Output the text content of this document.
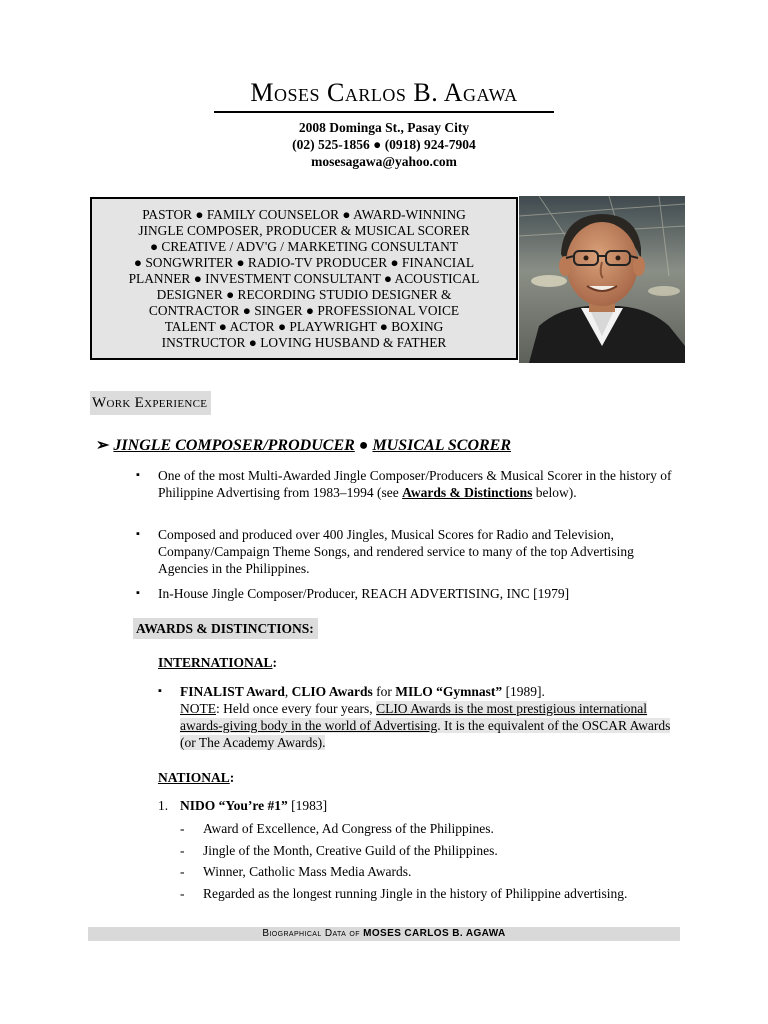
Moses Carlos B. Agawa
2008 Dominga St., Pasay City
(02) 525-1856 ● (0918) 924-7904
mosesagawa@yahoo.com
PASTOR ● FAMILY COUNSELOR ● AWARD-WINNING
JINGLE COMPOSER, PRODUCER & MUSICAL SCORER
● CREATIVE / ADV'G / MARKETING CONSULTANT
● SONGWRITER ● RADIO-TV PRODUCER ● FINANCIAL
PLANNER ● INVESTMENT CONSULTANT ● ACOUSTICAL
DESIGNER ● RECORDING STUDIO DESIGNER &
CONTRACTOR ● SINGER ● PROFESSIONAL VOICE
TALENT ● ACTOR ● PLAYWRIGHT ● BOXING
INSTRUCTOR ● LOVING HUSBAND & FATHER
Work Experience
➢ JINGLE COMPOSER/PRODUCER ● MUSICAL SCORER
▪ One of the most Multi-Awarded Jingle Composer/Producers & Musical Scorer in the history of Philippine Advertising from 1983–1994 (see Awards & Distinctions below).
▪ Composed and produced over 400 Jingles, Musical Scores for Radio and Television, Company/Campaign Theme Songs, and rendered service to many of the top Advertising Agencies in the Philippines.
▪ In-House Jingle Composer/Producer, REACH ADVERTISING, INC [1979]
AWARDS & DISTINCTIONS:
INTERNATIONAL:
▪ FINALIST Award, CLIO Awards for MILO “Gymnast” [1989].
NOTE: Held once every four years, CLIO Awards is the most prestigious international awards-giving body in the world of Advertising. It is the equivalent of the OSCAR Awards (or The Academy Awards).
NATIONAL:
1. NIDO “You’re #1” [1983]
- Award of Excellence, Ad Congress of the Philippines.
- Jingle of the Month, Creative Guild of the Philippines.
- Winner, Catholic Mass Media Awards.
- Regarded as the longest running Jingle in the history of Philippine advertising.
Biographical Data of MOSES CARLOS B. AGAWA
